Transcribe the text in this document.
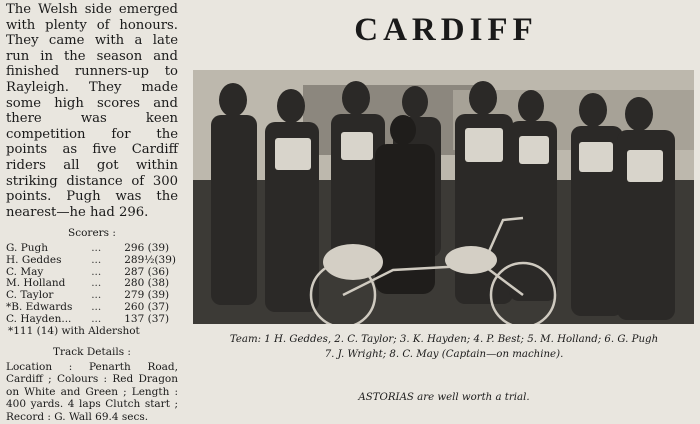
The Welsh side emerged with plenty of honours. They came with a late run in the season and finished runners-up to Rayleigh. They made some high scores and there was keen competition for the points as five Cardiff riders all got within striking distance of 300 points. Pugh was the nearest—he had 296.

Scorers :
G. Pugh	...	296 (39)
H. Geddes	...	289½(39)
C. May	...	287 (36)
M. Holland	...	280 (38)
C. Taylor	...	279 (39)
*B. Edwards	...	260 (37)
C. Hayden...	...	137 (37)
*111 (14) with Aldershot
Track Details :

Location : Penarth Road, Cardiff ; Colours : Red Dragon on White and Green ; Length : 400 yards. 4 laps Clutch start ; Record : G. Wall 69.4 secs.

CARDIFF
Team: 1 H. Geddes, 2. C. Taylor; 3. K. Hayden; 4. P. Best; 5. M. Holland; 6. G. Pugh
7. J. Wright; 8. C. May (Captain—on machine).
ASTORIAS are well worth a trial.
